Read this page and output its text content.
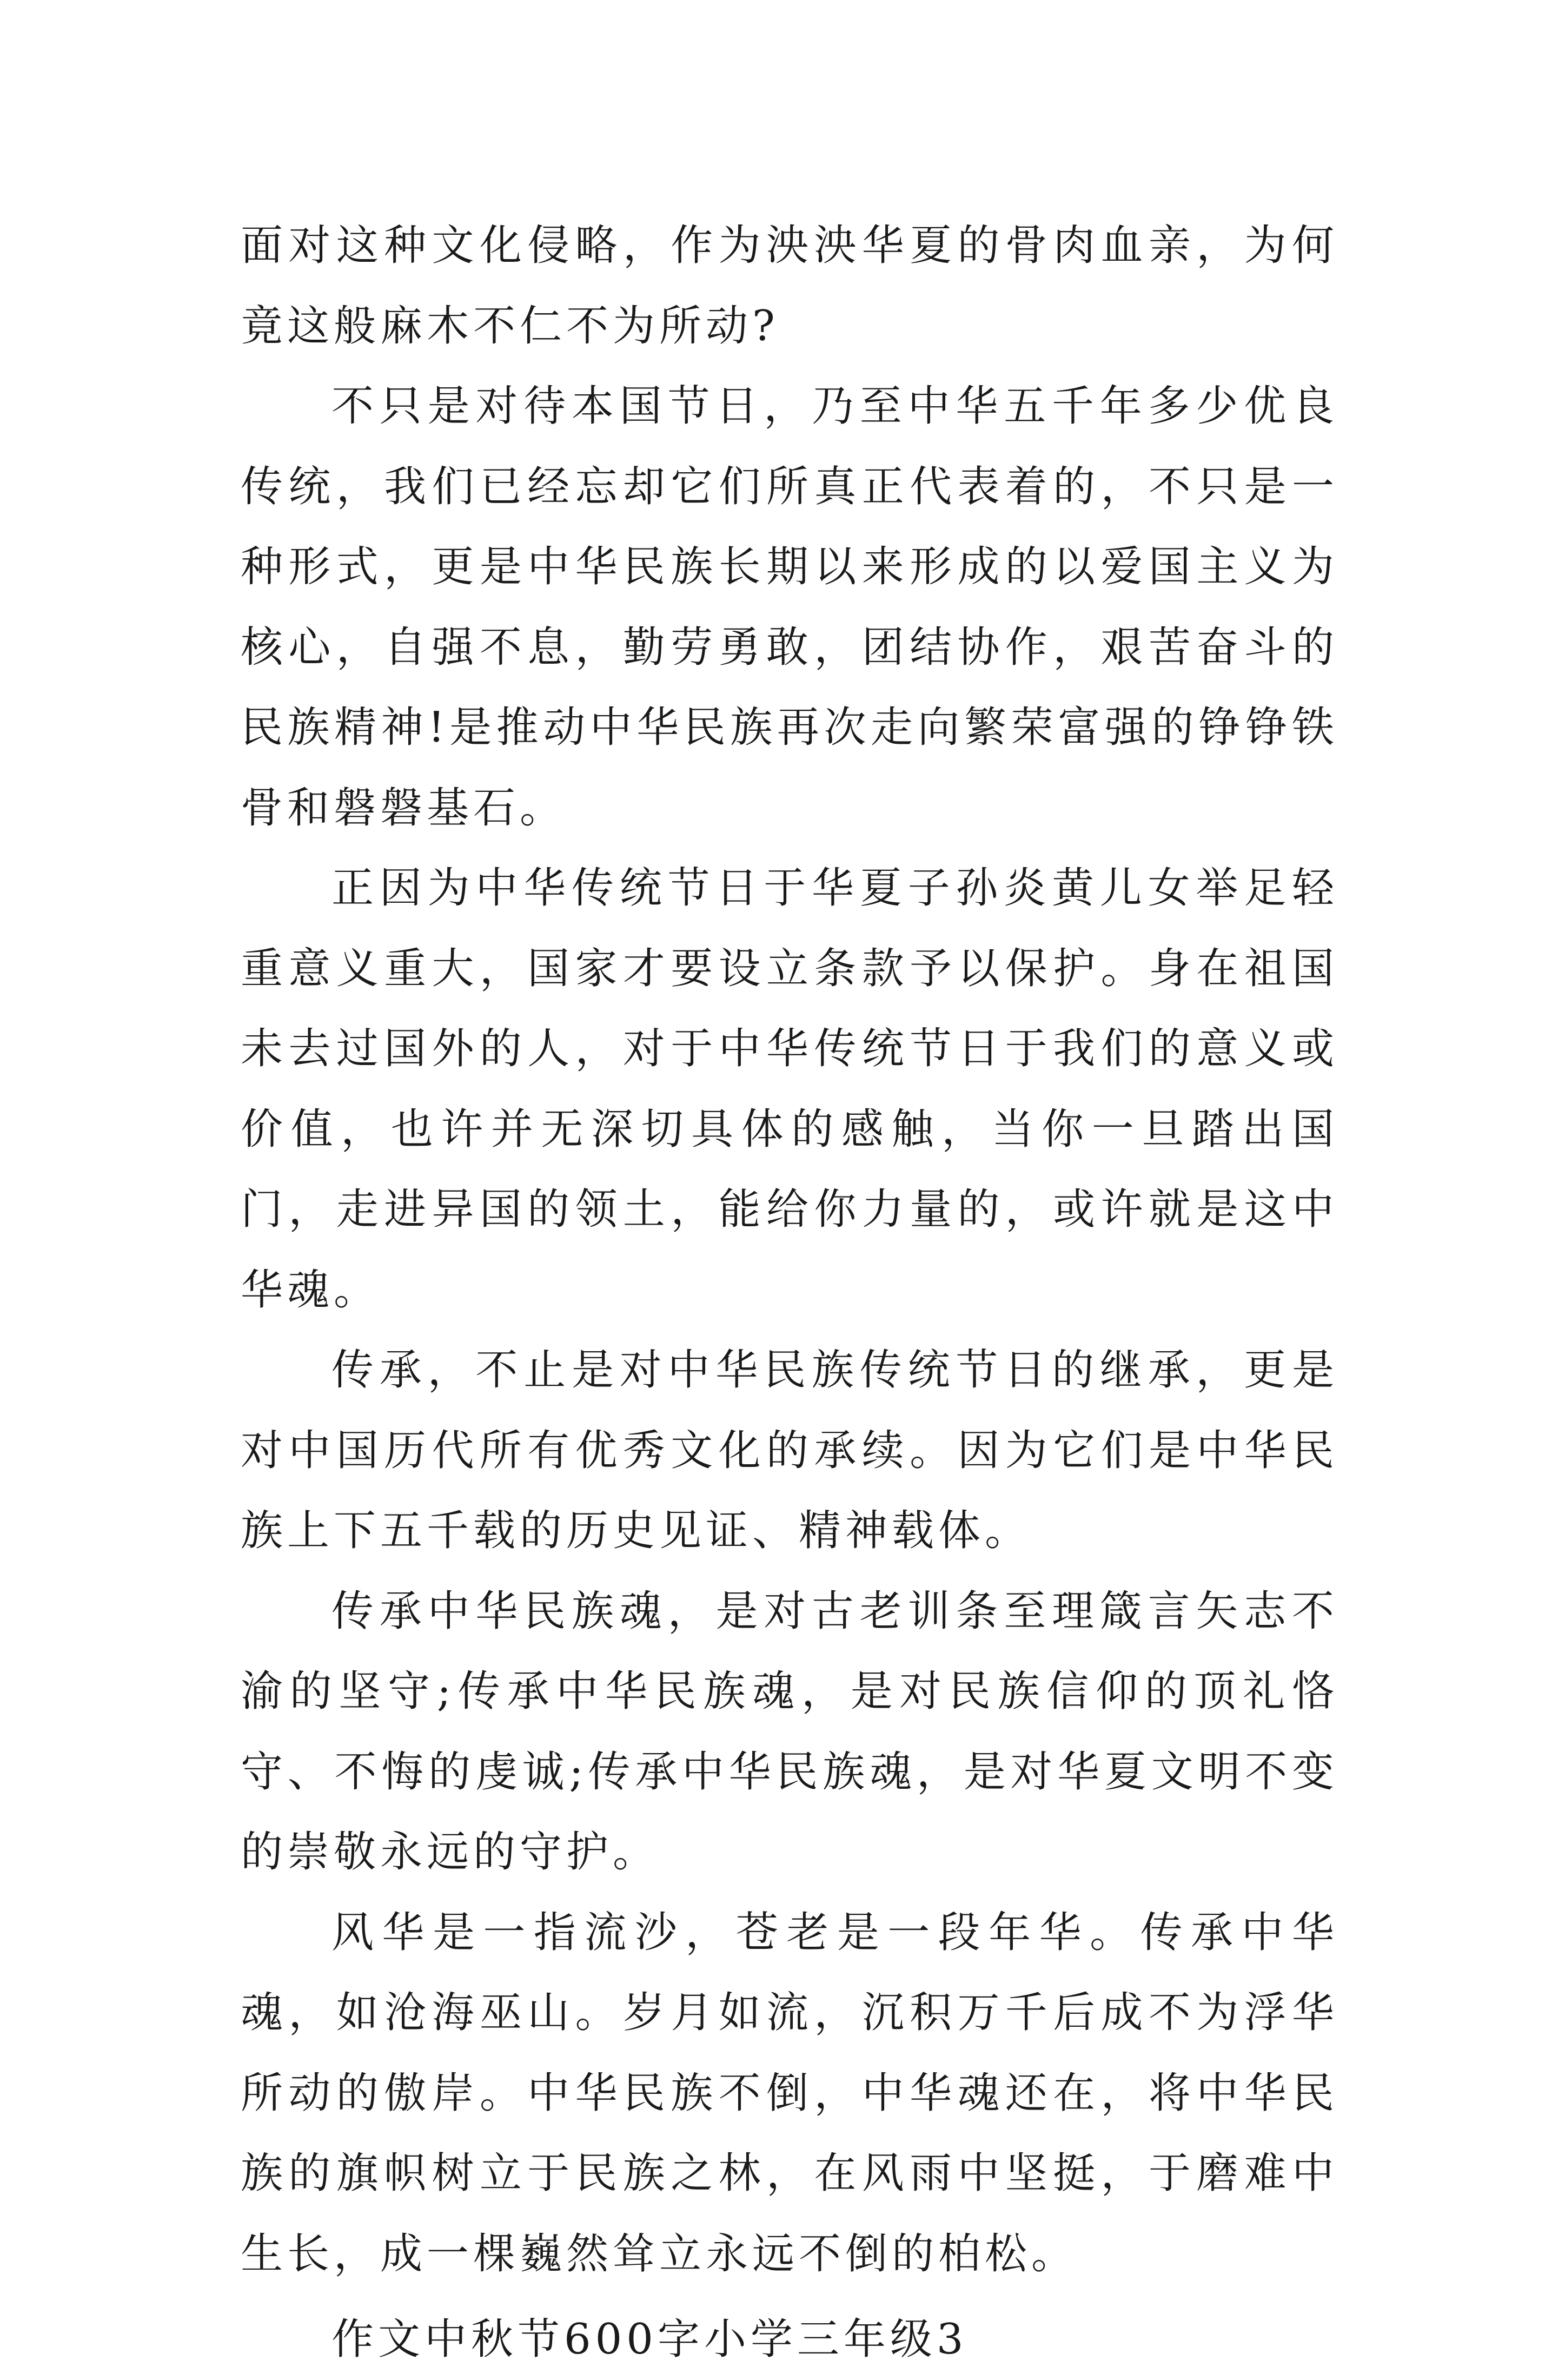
面对这种文化侵略，作为泱泱华夏的骨肉血亲，为何竟这般麻木不仁不为所动?

不只是对待本国节日，乃至中华五千年多少优良传统，我们已经忘却它们所真正代表着的，不只是一种形式，更是中华民族长期以来形成的以爱国主义为核心，自强不息，勤劳勇敢，团结协作，艰苦奋斗的民族精神!是推动中华民族再次走向繁荣富强的铮铮铁骨和磐磐基石。

正因为中华传统节日于华夏子孙炎黄儿女举足轻重意义重大，国家才要设立条款予以保护。身在祖国未去过国外的人，对于中华传统节日于我们的意义或价值，也许并无深切具体的感触，当你一旦踏出国门，走进异国的领土，能给你力量的，或许就是这中华魂。

传承，不止是对中华民族传统节日的继承，更是对中国历代所有优秀文化的承续。因为它们是中华民族上下五千载的历史见证、精神载体。

传承中华民族魂，是对古老训条至理箴言矢志不渝的坚守;传承中华民族魂，是对民族信仰的顶礼恪守、不悔的虔诚;传承中华民族魂，是对华夏文明不变的崇敬永远的守护。

风华是一指流沙，苍老是一段年华。传承中华魂，如沧海巫山。岁月如流，沉积万千后成不为浮华所动的傲岸。中华民族不倒，中华魂还在，将中华民族的旗帜树立于民族之林，在风雨中坚挺，于磨难中生长，成一棵巍然耸立永远不倒的柏松。

作文中秋节600字小学三年级3
